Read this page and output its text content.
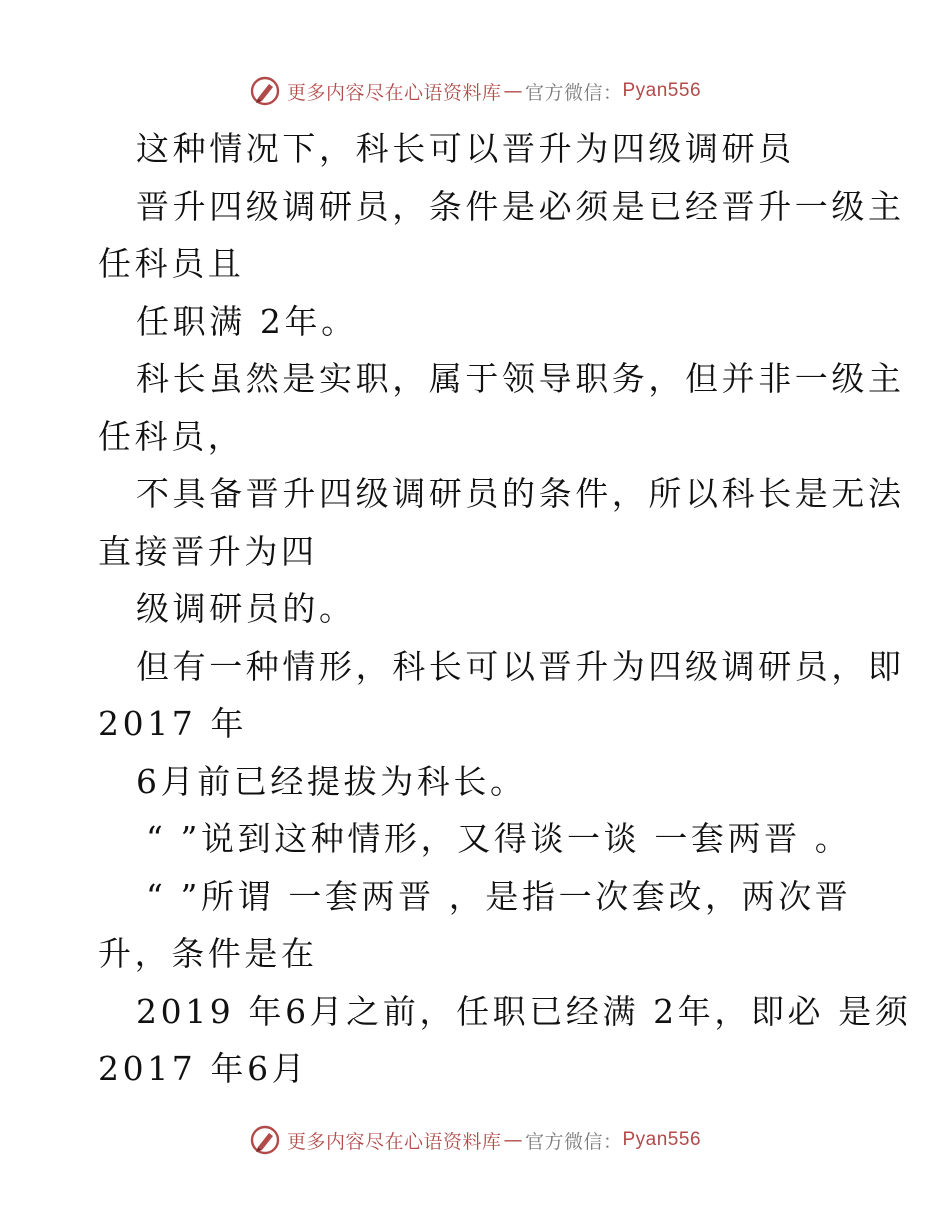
更多内容尽在心语资料库 — 官方微信： Pyan556
这种情况下，科长可以晋升为四级调研员
晋升四级调研员，条件是必须是已经晋升一级主
任科员且
任职满 2年。
科长虽然是实职，属于领导职务，但并非一级主
任科员，
不具备晋升四级调研员的条件，所以科长是无法
直接晋升为四
级调研员的。
但有一种情形，科长可以晋升为四级调研员，即
2017 年
6月前已经提拔为科长。
“ ”说到这种情形，又得谈一谈 一套两晋 。
“ ”所谓 一套两晋 ，是指一次套改，两次晋
升，条件是在
2019 年6月之前，任职已经满 2年，即必 是须
2017 年6月
更多内容尽在心语资料库 — 官方微信： Pyan556
